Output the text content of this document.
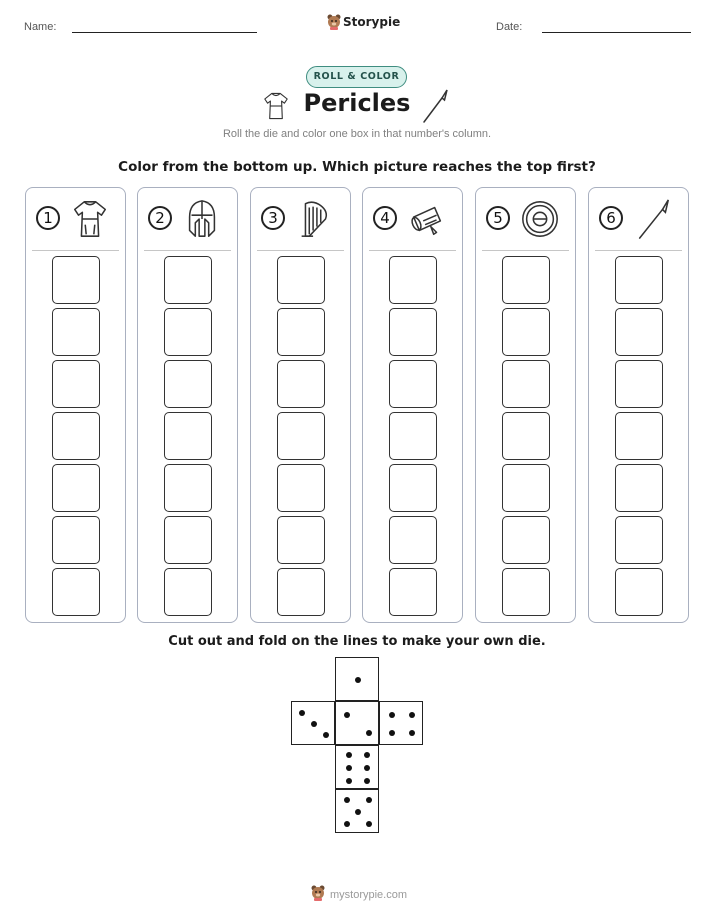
Name:	Storypie	Date:
ROLL & COLOR
Pericles
Roll the die and color one box in that number's column.
Color from the bottom up. Which picture reaches the top first?
1	2	3	4	5	6
Cut out and fold on the lines to make your own die.
mystorypie.com
